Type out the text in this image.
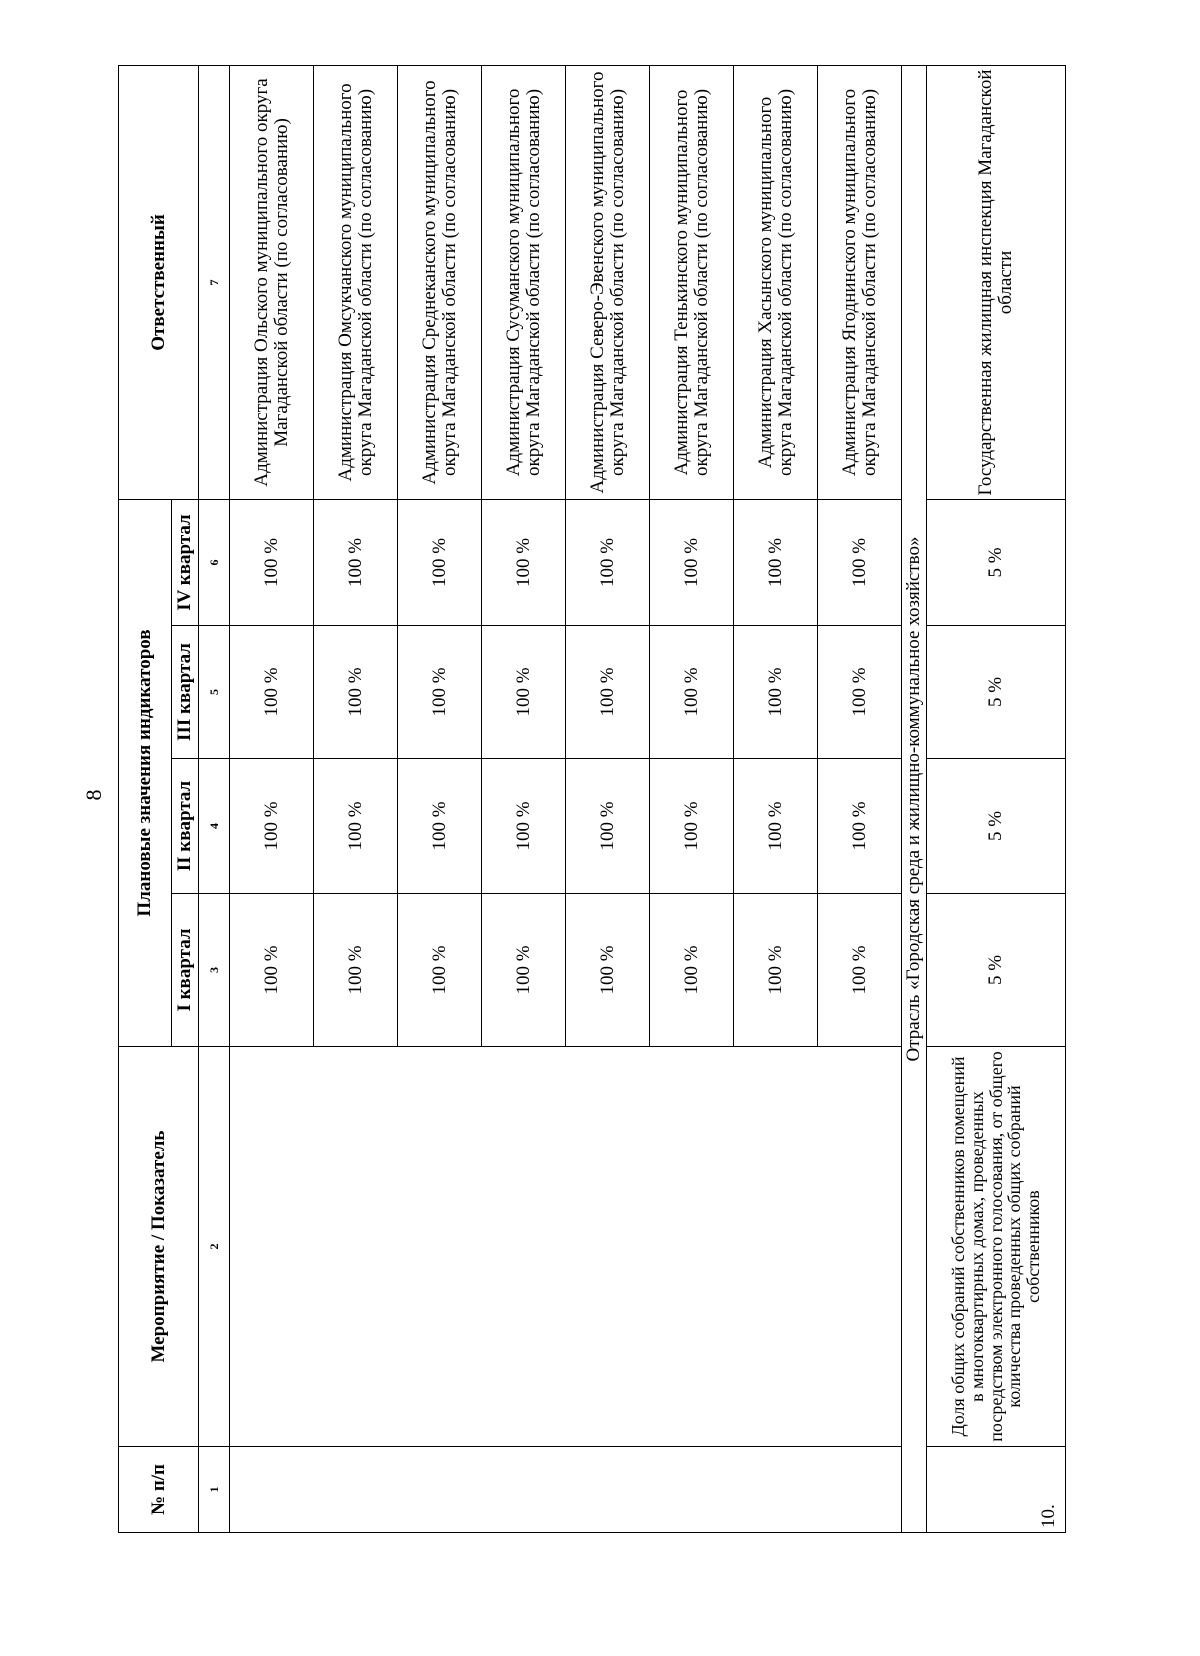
8
№ п/п	Мероприятие / Показатель	Плановые значения индикаторов				Ответственный
		I квартал	II квартал	III квартал	IV квартал	
1	2	3	4	5	6	7
		100 %	100 %	100 %	100 %	Администрация Ольского муниципального округа Магаданской области (по согласованию)
		100 %	100 %	100 %	100 %	Администрация Омсукчанского муниципального округа Магаданской области (по согласованию)
		100 %	100 %	100 %	100 %	Администрация Среднеканского муниципального округа Магаданской области (по согласованию)
		100 %	100 %	100 %	100 %	Администрация Сусуманского муниципального округа Магаданской области (по согласованию)
		100 %	100 %	100 %	100 %	Администрация Северо-Эвенского муниципального округа Магаданской области (по согласованию)
		100 %	100 %	100 %	100 %	Администрация Тенькинского муниципального округа Магаданской области (по согласованию)
		100 %	100 %	100 %	100 %	Администрация Хасынского муниципального округа Магаданской области (по согласованию)
		100 %	100 %	100 %	100 %	Администрация Ягоднинского муниципального округа Магаданской области (по согласованию)
Отрасль «Городская среда и жилищно-коммунальное хозяйство»						
10.	Доля общих собраний собственников помещений в многоквартирных домах, проведенных посредством электронного голосования, от общего количества проведенных общих собраний собственников	5 %	5 %	5 %	5 %	Государственная жилищная инспекция Магаданской области
